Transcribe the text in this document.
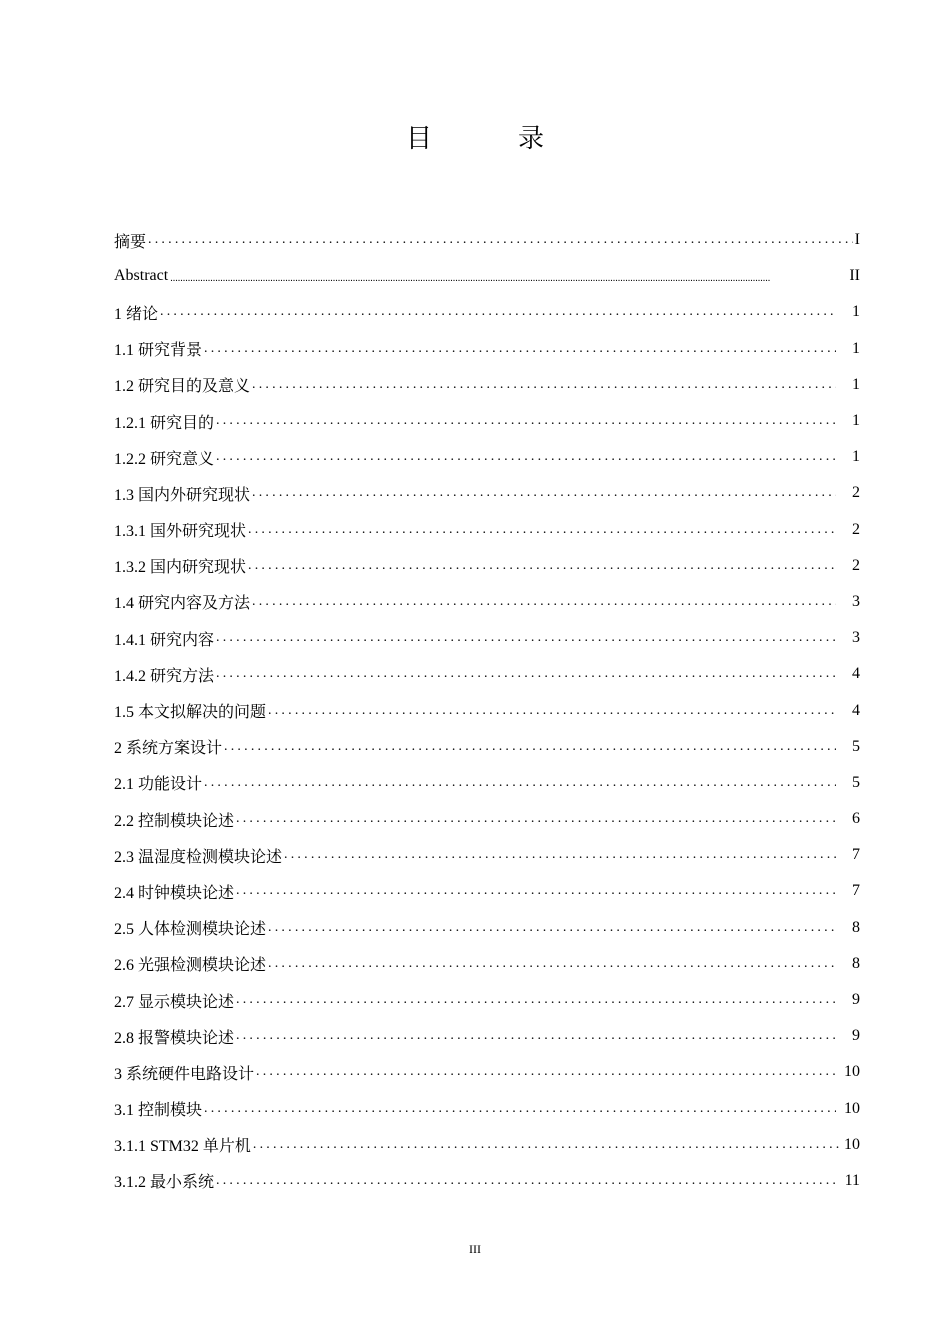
目　录
摘要 .....	I
Abstract .....	II
1 绪论 .....	1
1.1 研究背景 .....	1
1.2 研究目的及意义 .....	1
1.2.1 研究目的 .....	1
1.2.2 研究意义 .....	1
1.3 国内外研究现状 .....	2
1.3.1 国外研究现状 .....	2
1.3.2 国内研究现状 .....	2
1.4 研究内容及方法 .....	3
1.4.1 研究内容 .....	3
1.4.2 研究方法 .....	4
1.5 本文拟解决的问题 .....	4
2 系统方案设计 .....	5
2.1 功能设计 .....	5
2.2 控制模块论述 .....	6
2.3 温湿度检测模块论述 .....	7
2.4 时钟模块论述 .....	7
2.5 人体检测模块论述 .....	8
2.6 光强检测模块论述 .....	8
2.7 显示模块论述 .....	9
2.8 报警模块论述 .....	9
3 系统硬件电路设计 .....	10
3.1 控制模块 .....	10
3.1.1 STM32 单片机 .....	10
3.1.2 最小系统 .....	11
III
